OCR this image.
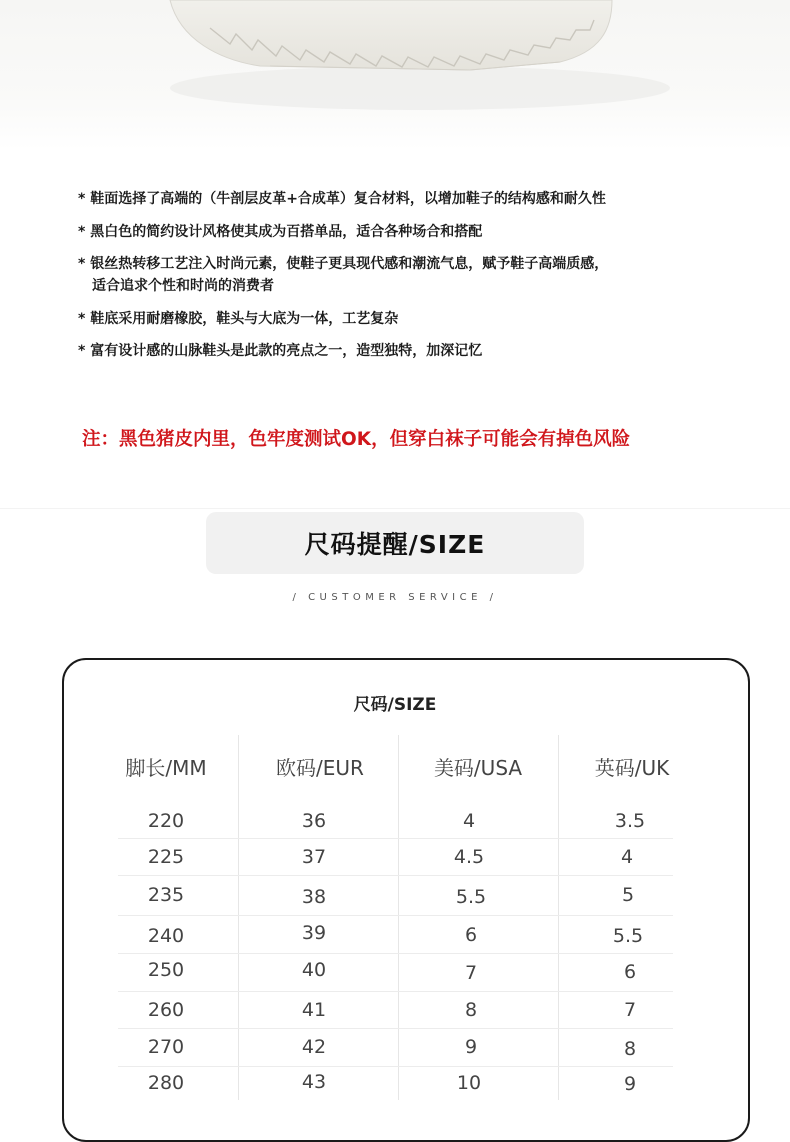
* 鞋面选择了高端的（牛剖层皮革+合成革）复合材料，以增加鞋子的结构感和耐久性
* 黑白色的简约设计风格使其成为百搭单品，适合各种场合和搭配
* 银丝热转移工艺注入时尚元素，使鞋子更具现代感和潮流气息，赋予鞋子高端质感，
适合追求个性和时尚的消费者
* 鞋底采用耐磨橡胶，鞋头与大底为一体，工艺复杂
* 富有设计感的山脉鞋头是此款的亮点之一，造型独特，加深记忆
注：黑色猪皮内里，色牢度测试OK，但穿白袜子可能会有掉色风险
尺码提醒/SIZE
/ CUSTOMER SERVICE /
尺码/SIZE
脚长/MM	欧码/EUR	美码/USA	英码/UK
220	36	4	3.5
225	37	4.5	4
235	38	5.5	5
240	39	6	5.5
250	40	7	6
260	41	8	7
270	42	9	8
280	43	10	9
